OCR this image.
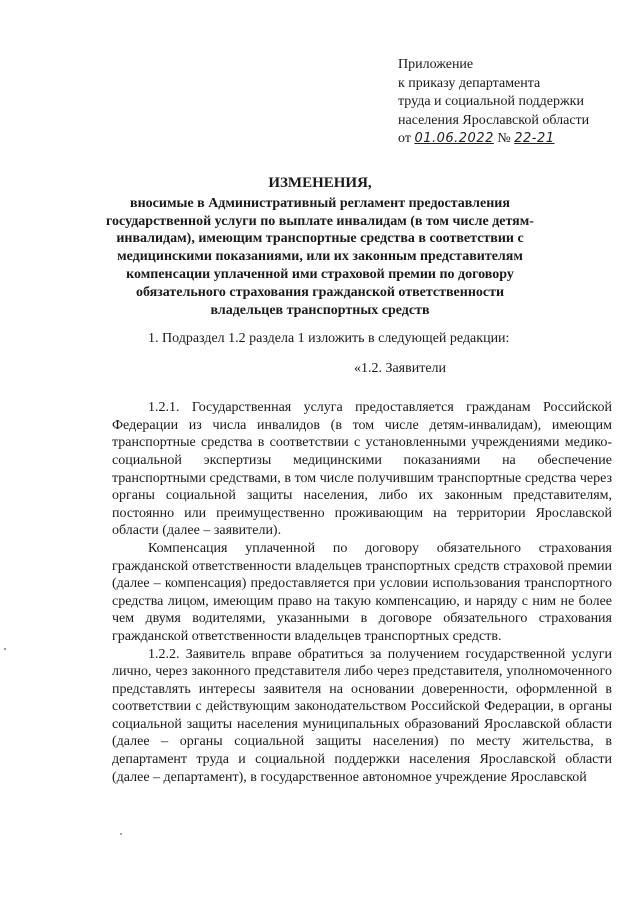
Приложение
к приказу департамента
труда и социальной поддержки
населения Ярославской области
от 01.06.2022 № 22-21
ИЗМЕНЕНИЯ,
вносимые в Административный регламент предоставления государственной услуги по выплате инвалидам (в том числе детям-инвалидам), имеющим транспортные средства в соответствии с медицинскими показаниями, или их законным представителям компенсации уплаченной ими страховой премии по договору обязательного страхования гражданской ответственности владельцев транспортных средств

1. Подраздел 1.2 раздела 1 изложить в следующей редакции:

«1.2. Заявители

1.2.1. Государственная услуга предоставляется гражданам Российской Федерации из числа инвалидов (в том числе детям-инвалидам), имеющим транспортные средства в соответствии с установленными учреждениями медико-социальной экспертизы медицинскими показаниями на обеспечение транспортными средствами, в том числе получившим транспортные средства через органы социальной защиты населения, либо их законным представителям, постоянно или преимущественно проживающим на территории Ярославской области (далее – заявители).

Компенсация уплаченной по договору обязательного страхования гражданской ответственности владельцев транспортных средств страховой премии (далее – компенсация) предоставляется при условии использования транспортного средства лицом, имеющим право на такую компенсацию, и наряду с ним не более чем двумя водителями, указанными в договоре обязательного страхования гражданской ответственности владельцев транспортных средств.

1.2.2. Заявитель вправе обратиться за получением государственной услуги лично, через законного представителя либо через представителя, уполномоченного представлять интересы заявителя на основании доверенности, оформленной в соответствии с действующим законодательством Российской Федерации, в органы социальной защиты населения муниципальных образований Ярославской области (далее – органы социальной защиты населения) по месту жительства, в департамент труда и социальной поддержки населения Ярославской области (далее – департамент), в государственное автономное учреждение Ярославской
